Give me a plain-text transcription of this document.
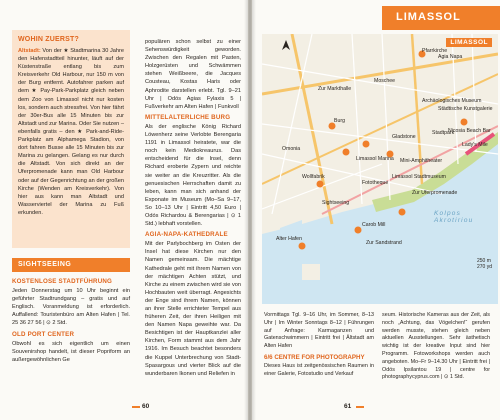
WOHIN ZUERST?

Altstadt: Von der ★ Stadtmarina 30 Jahre den Hafenstadtteil hinunter, läuft auf der Küstenstraße entlang bis zum Kreisverkehr Old Harbour, nur 150 m von der Burg entfernt. Autofahrer parken auf dem ★ Pay-Park-Parkplatz gleich neben dem Zoo von Limassol nicht nur kosten los, sondern auch stressfrei. Von hier fährt der 30er-Bus alle 15 Minuten bis zur Altstadt und zur Marina. Oder Sie nutzen – ebenfalls gratis – den ★ Park-and-Ride-Parkplatz am Alphamega Stadion, von dort fahren Busse alle 15 Minuten bis zur Marina zu gelangen. Gelang es nur durch die Altstadt. Von sich direkt an der Uferpromenade kann man Old Harbour oder auf der Gegenrichtung an der großen Kirche (Wenden am Kreisverkehr). Von hier aus kann man Altstadt und Wasserviertel der Marina zu Fuß erkunden.

populären schon selbst zu einer Sehenswürdigkeit geworden. Zwischen den Regalen mit Pasten, Holzgerüsten und Schwämmen stehen Weißbeere, die Jacques Cousteau, Kostas Haris oder Aphrodite darstellen erlebt. Tgl. 9–21 Uhr | Odós Agias Fylaxis 5 | Fußverkehr am Alten Hafen | Funkvoll
MITTELALTERLICHE BURG
Als der englische König Richard Löwenherz seine Verlobte Berengaria 1191 in Limassol heiratete, war die noch kein Mediokreaurus. Das entscheidend für die Insel, denn Richard eroberte Zypern und reichte sie weiter an die Kreuzritter. Als die genuesischen Herrschaften damit zu leben, kann man sich anhand der Exponate im Museum (Mo–Sa 9–17, So 10–13 Uhr | Eintritt 4,50 Euro | Odós Richardou & Berengarias | ⊙ 1 Std.) lebhaft vorstellen.
AGIA-NAPA-KATHEDRALE
Mit der Parlybochberg im Osten der Insel hat diese Kirchen nur den Namen gemeinsam. Die mächtige Kathedrale geht mit ihrem Namen von der mächtigen Achten stützt, und Kirche zu einem zwischen wird sie von Hochbauten weit überragt. Angesichts der Enge sind ihrem Namen, können an ihrer Stelle errichteter Tempel aus früheren Zeit, der ihren Heiligen mit den Namen Napa geweihte war. Da Besichtigen ist der Hauptkanzlei aller Kirchen, Form stammt aus dem Jahr 1916. Im Besuch beachtet besonders die Kuppel Unterbrechung von Stadt-Spasargous und vierter Blick auf die wunderbaren Ikonen und Reliefen in
SIGHTSEEING
KOSTENLOSE STADTFÜHRUNG
Jeden Donnerstag um 10 Uhr beginnt ein geführter Stadtrundgang – gratis und auf Englisch. Voranmeldung ist erforderlich. Auffallend: Touristenbüro am Alten Hafen | Tel. 25 36 27 56 | ⊙ 2 Std.
OLD PORT CENTER
Obwohl es sich eigentlich um einen Souvenirshop handelt, ist dieser Popriform an außergewöhnlichen Ge
60
LIMASSOL
LIMASSOL
Pfarrkirche
Agia Napa
Moschee
Zur Markthalle
Burg
Stadtpark
Limassol Marina
Gladstone
Mini-Amphitheater
Wollfabrik
Omonia
Alter Hafen
Fototheque
Sightseeing
Limassol Stadtmuseum
Zur Uferpromenade
Archäologisches Museum
Carob Mill
Städtische Kunstgalerie
Nicosia Beach Bar
Lady's Mile
Zur Sandstrand
Kolpos Akrotiriou
250 m
270 yd
Vormittags Tgl. 9–16 Uhr, im Sommer, 8–13 Uhr | Im Winter Sonntags 8–12 | Führungen auf Anfrage: Karmaganzen und Gatenschwimmern | Eintritt frei | Ältstadt am Alten Hafen
6/6 CENTRE FOR PHOTOGRAPHY
Dieses Haus ist zeitgenössischen Raumen in einer Galerie, Fotostudio und Verkauf
seum. Historische Kameras aus der Zeit, als noch „Achtung, das Vögelchen!“ gerufen werden musste, stehen gleich neben aktuellen Ausstellungen. Sehr ästhetisch wichtig ist der kreative Input sind hier Programm. Fotoworkshops werden auch angeboten. Mo–Fr 9–14.30 Uhr | Eintritt frei | Odós Ipsilantou 19 | centre for photographycyprus.com | ⊙ 1 Std.
61
